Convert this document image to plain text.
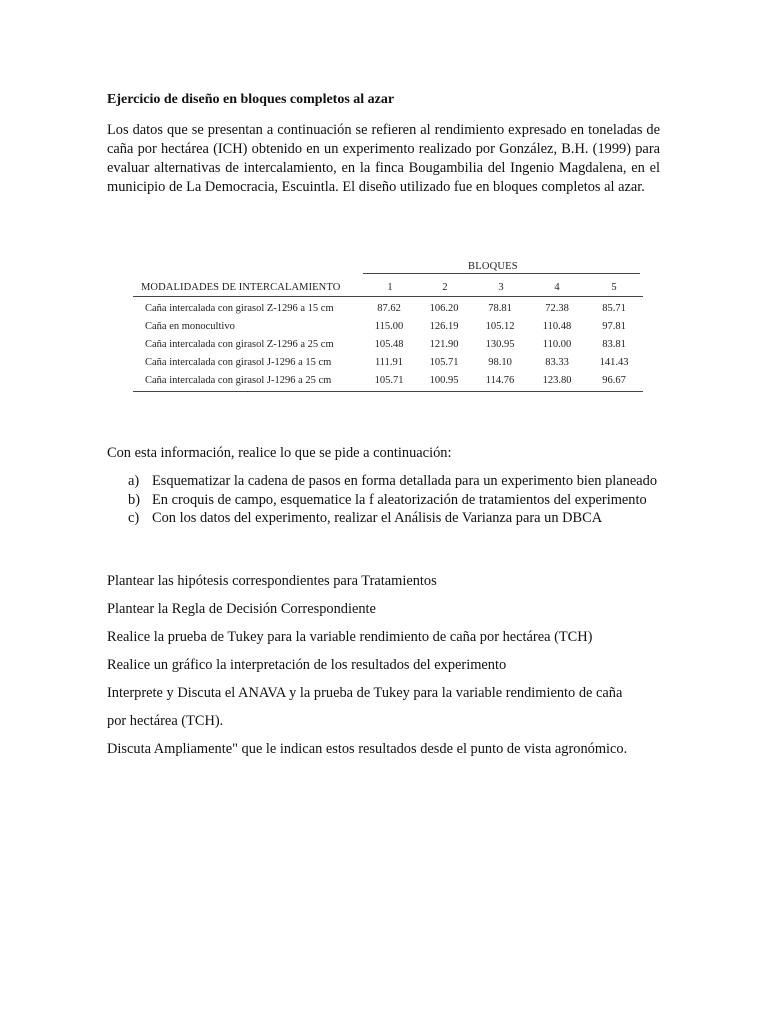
Ejercicio de diseño en bloques completos al azar

Los datos que se presentan a continuación se refieren al rendimiento expresado en toneladas de caña por hectárea (ICH) obtenido en un experimento realizado por González, B.H. (1999) para evaluar alternativas de intercalamiento, en la finca Bougambilia del Ingenio Magdalena, en el municipio de La Democracia, Escuintla. El diseño utilizado fue en bloques completos al azar.

BLOQUES
MODALIDADES DE INTERCALAMIENTO	1	2	3	4	5
Caña intercalada con girasol Z-1296 a 15 cm	87.62	106.20	78.81	72.38	85.71
Caña en monocultivo	115.00	126.19	105.12	110.48	97.81
Caña intercalada con girasol Z-1296 a 25 cm	105.48	121.90	130.95	110.00	83.81
Caña intercalada con girasol J-1296 a 15 cm	111.91	105.71	98.10	83.33	141.43
Caña intercalada con girasol J-1296 a 25 cm	105.71	100.95	114.76	123.80	96.67
Con esta información, realice lo que se pide a continuación:
a) Esquematizar la cadena de pasos en forma detallada para un experimento bien planeado
b) En croquis de campo, esquematice la f aleatorización de tratamientos del experimento
c) Con los datos del experimento, realizar el Análisis de Varianza para un DBCA
Plantear las hipótesis correspondientes para Tratamientos
Plantear la Regla de Decisión Correspondiente
Realice la prueba de Tukey para la variable rendimiento de caña por hectárea (TCH)
Realice un gráfico la interpretación de los resultados del experimento
Interprete y Discuta el ANAVA y la prueba de Tukey para la variable rendimiento de caña
por hectárea (TCH).
Discuta Ampliamente" que le indican estos resultados desde el punto de vista agronómico.
